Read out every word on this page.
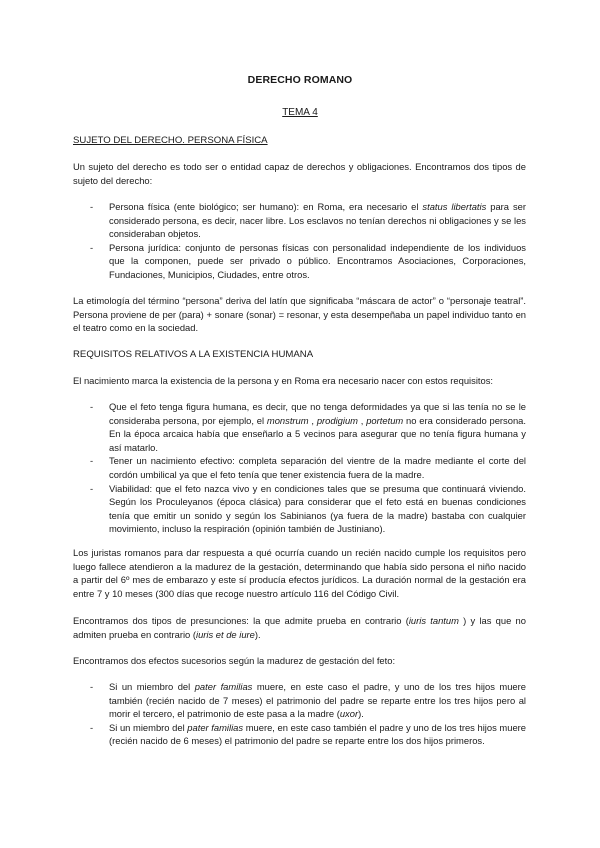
DERECHO ROMANO
TEMA 4

SUJETO DEL DERECHO. PERSONA FÍSICA

Un sujeto del derecho es todo ser o entidad capaz de derechos y obligaciones. Encontramos dos tipos de sujeto del derecho:

- Persona física (ente biológico; ser humano): en Roma, era necesario el status libertatis para ser considerado persona, es decir, nacer libre. Los esclavos no tenían derechos ni obligaciones y se les consideraban objetos.
- Persona jurídica: conjunto de personas físicas con personalidad independiente de los individuos que la componen, puede ser privado o público. Encontramos Asociaciones, Corporaciones, Fundaciones, Municipios, Ciudades, entre otros.

La etimología del término “persona” deriva del latín que significaba “máscara de actor” o “personaje teatral”. Persona proviene de per (para) + sonare (sonar) = resonar, y esta desempeñaba un papel individuo tanto en el teatro como en la sociedad.

REQUISITOS RELATIVOS A LA EXISTENCIA HUMANA

El nacimiento marca la existencia de la persona y en Roma era necesario nacer con estos requisitos:

- Que el feto tenga figura humana, es decir, que no tenga deformidades ya que si las tenía no se le consideraba persona, por ejemplo, el monstrum , prodigium , portetum no era considerado persona. En la época arcaica había que enseñarlo a 5 vecinos para asegurar que no tenía figura humana y así matarlo.
- Tener un nacimiento efectivo: completa separación del vientre de la madre mediante el corte del cordón umbilical ya que el feto tenía que tener existencia fuera de la madre.
- Viabilidad: que el feto nazca vivo y en condiciones tales que se presuma que continuará viviendo. Según los Proculeyanos (época clásica) para considerar que el feto está en buenas condiciones tenía que emitir un sonido y según los Sabinianos (ya fuera de la madre) bastaba con cualquier movimiento, incluso la respiración (opinión también de Justiniano).

Los juristas romanos para dar respuesta a qué ocurría cuando un recién nacido cumple los requisitos pero luego fallece atendieron a la madurez de la gestación, determinando que había sido persona el niño nacido a partir del 6º mes de embarazo y este sí producía efectos jurídicos. La duración normal de la gestación era entre 7 y 10 meses (300 días que recoge nuestro artículo 116 del Código Civil.

Encontramos dos tipos de presunciones: la que admite prueba en contrario (iuris tantum ) y las que no admiten prueba en contrario (iuris et de iure).

Encontramos dos efectos sucesorios según la madurez de gestación del feto:

- Si un miembro del pater familias muere, en este caso el padre, y uno de los tres hijos muere también (recién nacido de 7 meses) el patrimonio del padre se reparte entre los tres hijos pero al morir el tercero, el patrimonio de este pasa a la madre (uxor).
- Si un miembro del pater familias muere, en este caso también el padre y uno de los tres hijos muere (recién nacido de 6 meses) el patrimonio del padre se reparte entre los dos hijos primeros.
